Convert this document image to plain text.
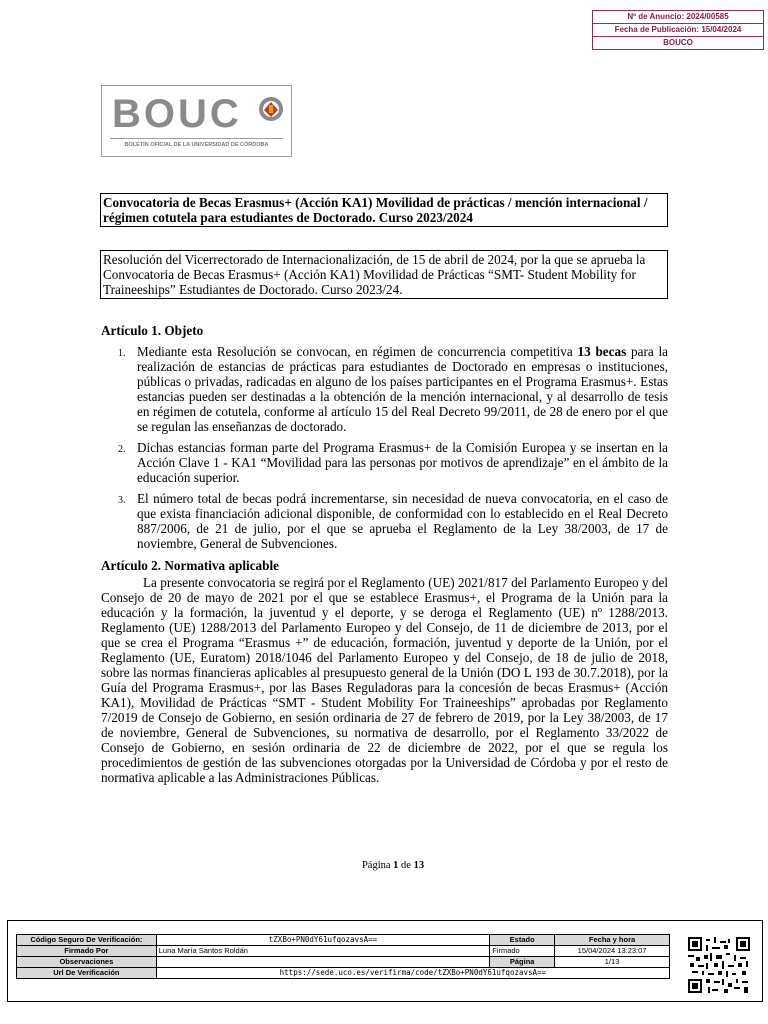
Nº de Anuncio: 2024/00585
Fecha de Publicación: 15/04/2024
BOUCO
BOUC
BOLETÍN OFICIAL DE LA UNIVERSIDAD DE CÓRDOBA
Convocatoria de Becas Erasmus+ (Acción KA1) Movilidad de prácticas / mención internacional / régimen cotutela para estudiantes de Doctorado. Curso 2023/2024
Resolución del Vicerrectorado de Internacionalización, de 15 de abril de 2024, por la que se aprueba la Convocatoria de Becas Erasmus+ (Acción KA1) Movilidad de Prácticas “SMT- Student Mobility for Traineeships” Estudiantes de Doctorado. Curso 2023/24.
Artículo 1. Objeto
1. Mediante esta Resolución se convocan, en régimen de concurrencia competitiva 13 becas para la realización de estancias de prácticas para estudiantes de Doctorado en empresas o instituciones, públicas o privadas, radicadas en alguno de los países participantes en el Programa Erasmus+. Estas estancias pueden ser destinadas a la obtención de la mención internacional, y al desarrollo de tesis en régimen de cotutela, conforme al artículo 15 del Real Decreto 99/2011, de 28 de enero por el que se regulan las enseñanzas de doctorado.
2. Dichas estancias forman parte del Programa Erasmus+ de la Comisión Europea y se insertan en la Acción Clave 1 - KA1 “Movilidad para las personas por motivos de aprendizaje” en el ámbito de la educación superior.
3. El número total de becas podrá incrementarse, sin necesidad de nueva convocatoria, en el caso de que exista financiación adicional disponible, de conformidad con lo establecido en el Real Decreto 887/2006, de 21 de julio, por el que se aprueba el Reglamento de la Ley 38/2003, de 17 de noviembre, General de Subvenciones.
Artículo 2. Normativa aplicable

La presente convocatoria se regirá por el Reglamento (UE) 2021/817 del Parlamento Europeo y del Consejo de 20 de mayo de 2021 por el que se establece Erasmus+, el Programa de la Unión para la educación y la formación, la juventud y el deporte, y se deroga el Reglamento (UE) nº 1288/2013. Reglamento (UE) 1288/2013 del Parlamento Europeo y del Consejo, de 11 de diciembre de 2013, por el que se crea el Programa “Erasmus +” de educación, formación, juventud y deporte de la Unión, por el Reglamento (UE, Euratom) 2018/1046 del Parlamento Europeo y del Consejo, de 18 de julio de 2018, sobre las normas financieras aplicables al presupuesto general de la Unión (DO L 193 de 30.7.2018), por la Guía del Programa Erasmus+, por las Bases Reguladoras para la concesión de becas Erasmus+ (Acción KA1), Movilidad de Prácticas “SMT - Student Mobility For Traineeships” aprobadas por Reglamento 7/2019 de Consejo de Gobierno, en sesión ordinaria de 27 de febrero de 2019, por la Ley 38/2003, de 17 de noviembre, General de Subvenciones, su normativa de desarrollo, por el Reglamento 33/2022 de Consejo de Gobierno, en sesión ordinaria de 22 de diciembre de 2022, por el que se regula los procedimientos de gestión de las subvenciones otorgadas por la Universidad de Córdoba y por el resto de normativa aplicable a las Administraciones Públicas.

Página 1 de 13
Código Seguro De Verificación:	tZXBo+PN0dY61ufqozavsA==	Estado	Fecha y hora
Firmado Por	Luna María Santos Roldán	Firmado	15/04/2024 13:23:07
Observaciones		Página	1/13
Url De Verificación	https://sede.uco.es/verifirma/code/tZXBo+PN0dY61ufqozavsA==		
